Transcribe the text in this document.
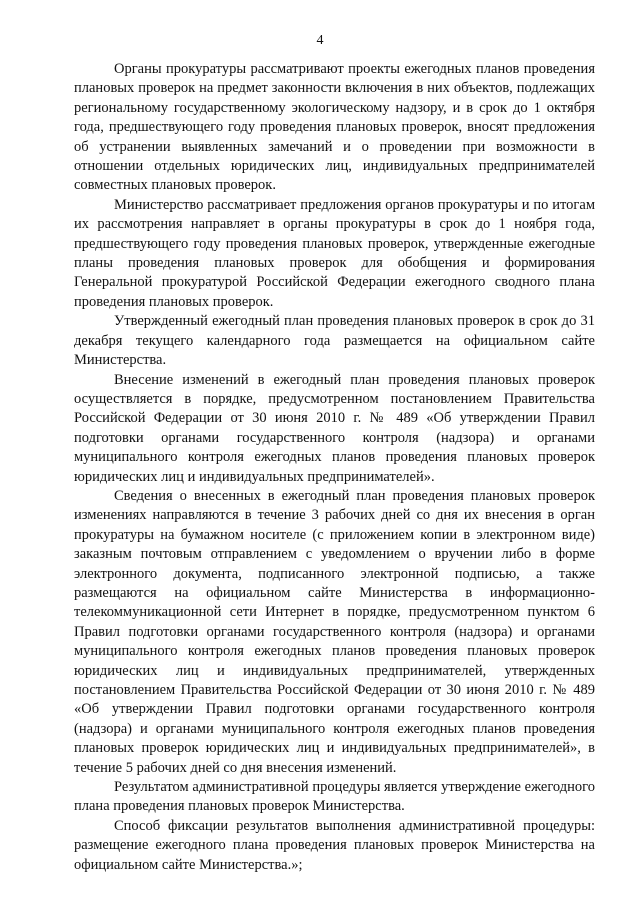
4

Органы прокуратуры рассматривают проекты ежегодных планов проведения плановых проверок на предмет законности включения в них объектов, подлежащих региональному государственному экологическому надзору, и в срок до 1 октября года, предшествующего году проведения плановых проверок, вносят предложения об устранении выявленных замечаний и о проведении при возможности в отношении отдельных юридических лиц, индивидуальных предпринимателей совместных плановых проверок.

Министерство рассматривает предложения органов прокуратуры и по итогам их рассмотрения направляет в органы прокуратуры в срок до 1 ноября года, предшествующего году проведения плановых проверок, утвержденные ежегодные планы проведения плановых проверок для обобщения и формирования Генеральной прокуратурой Российской Федерации ежегодного сводного плана проведения плановых проверок.

Утвержденный ежегодный план проведения плановых проверок в срок до 31 декабря текущего календарного года размещается на официальном сайте Министерства.

Внесение изменений в ежегодный план проведения плановых проверок осуществляется в порядке, предусмотренном постановлением Правительства Российской Федерации от 30 июня 2010 г. № 489 «Об утверждении Правил подготовки органами государственного контроля (надзора) и органами муниципального контроля ежегодных планов проведения плановых проверок юридических лиц и индивидуальных предпринимателей».

Сведения о внесенных в ежегодный план проведения плановых проверок изменениях направляются в течение 3 рабочих дней со дня их внесения в орган прокуратуры на бумажном носителе (с приложением копии в электронном виде) заказным почтовым отправлением с уведомлением о вручении либо в форме электронного документа, подписанного электронной подписью, а также размещаются на официальном сайте Министерства в информационно-телекоммуникационной сети Интернет в порядке, предусмотренном пунктом 6 Правил подготовки органами государственного контроля (надзора) и органами муниципального контроля ежегодных планов проведения плановых проверок юридических лиц и индивидуальных предпринимателей, утвержденных постановлением Правительства Российской Федерации от 30 июня 2010 г. № 489 «Об утверждении Правил подготовки органами государственного контроля (надзора) и органами муниципального контроля ежегодных планов проведения плановых проверок юридических лиц и индивидуальных предпринимателей», в течение 5 рабочих дней со дня внесения изменений.

Результатом административной процедуры является утверждение ежегодного плана проведения плановых проверок Министерства.

Способ фиксации результатов выполнения административной процедуры: размещение ежегодного плана проведения плановых проверок Министерства на официальном сайте Министерства.»;
